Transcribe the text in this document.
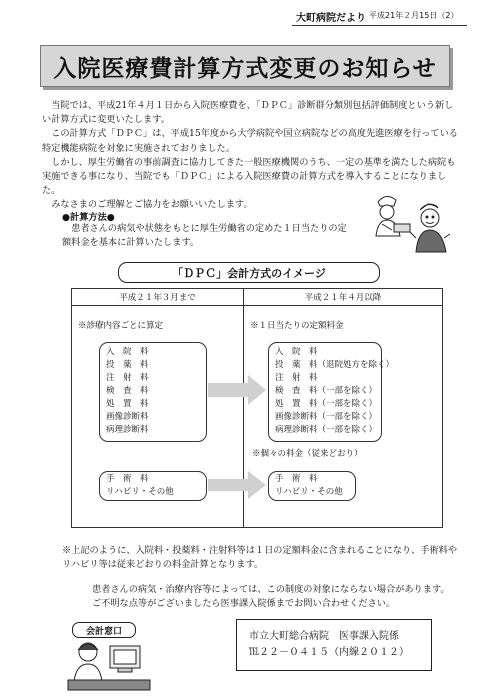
大町病院だより 平成21年２月15日（2）
入院医療費計算方式変更のお知らせ

当院では、平成21年４月１日から入院医療費を、「ＤＰＣ」診断群分類別包括評価制度という新しい計算方式に変更いたします。

この計算方式「ＤＰＣ」は、平成15年度から大学病院や国立病院などの高度先進医療を行っている特定機能病院を対象に実施されておりました。

しかし、厚生労働省の事前調査に協力してきた一般医療機関のうち、一定の基準を満たした病院も実施できる事になり、当院でも「ＤＰＣ」による入院医療費の計算方式を導入することになりました。

みなさまのご理解とご協力をお願いいたします。

●計算方法●
患者さんの病気や状態をもとに厚生労働省の定めた１日当たりの定額料金を基本に計算いたします。
「ＤＰＣ」会計方式のイメージ
平成２１年３月まで	平成２１年４月以降
※診療内容ごとに算定	※１日当たりの定額料金
入　院　料
投　薬　料
注　射　料
検　査　料
処　置　料
画像診断料
病理診断料
入　院　料
投　薬　料（退院処方を除く）
注　射　料
検　査　料（一部を除く）
処　置　料（一部を除く）
画像診断料（一部を除く）
病理診断料（一部を除く）
※個々の料金（従来どおり）
手　術　料
リハビリ・その他
手　術　料
リハビリ・その他
※上記のように、入院料・投薬料・注射料等は１日の定額料金に含まれることになり、手術料やリハビリ等は従来どおりの料金計算となります。

患者さんの病気・治療内容等によっては、この制度の対象にならない場合があります。

ご不明な点等がございましたら医事課入院係までお問い合わせください。

会計窓口	市立大町総合病院　医事課入院係
℡２２－０４１５（内線２０１２）
